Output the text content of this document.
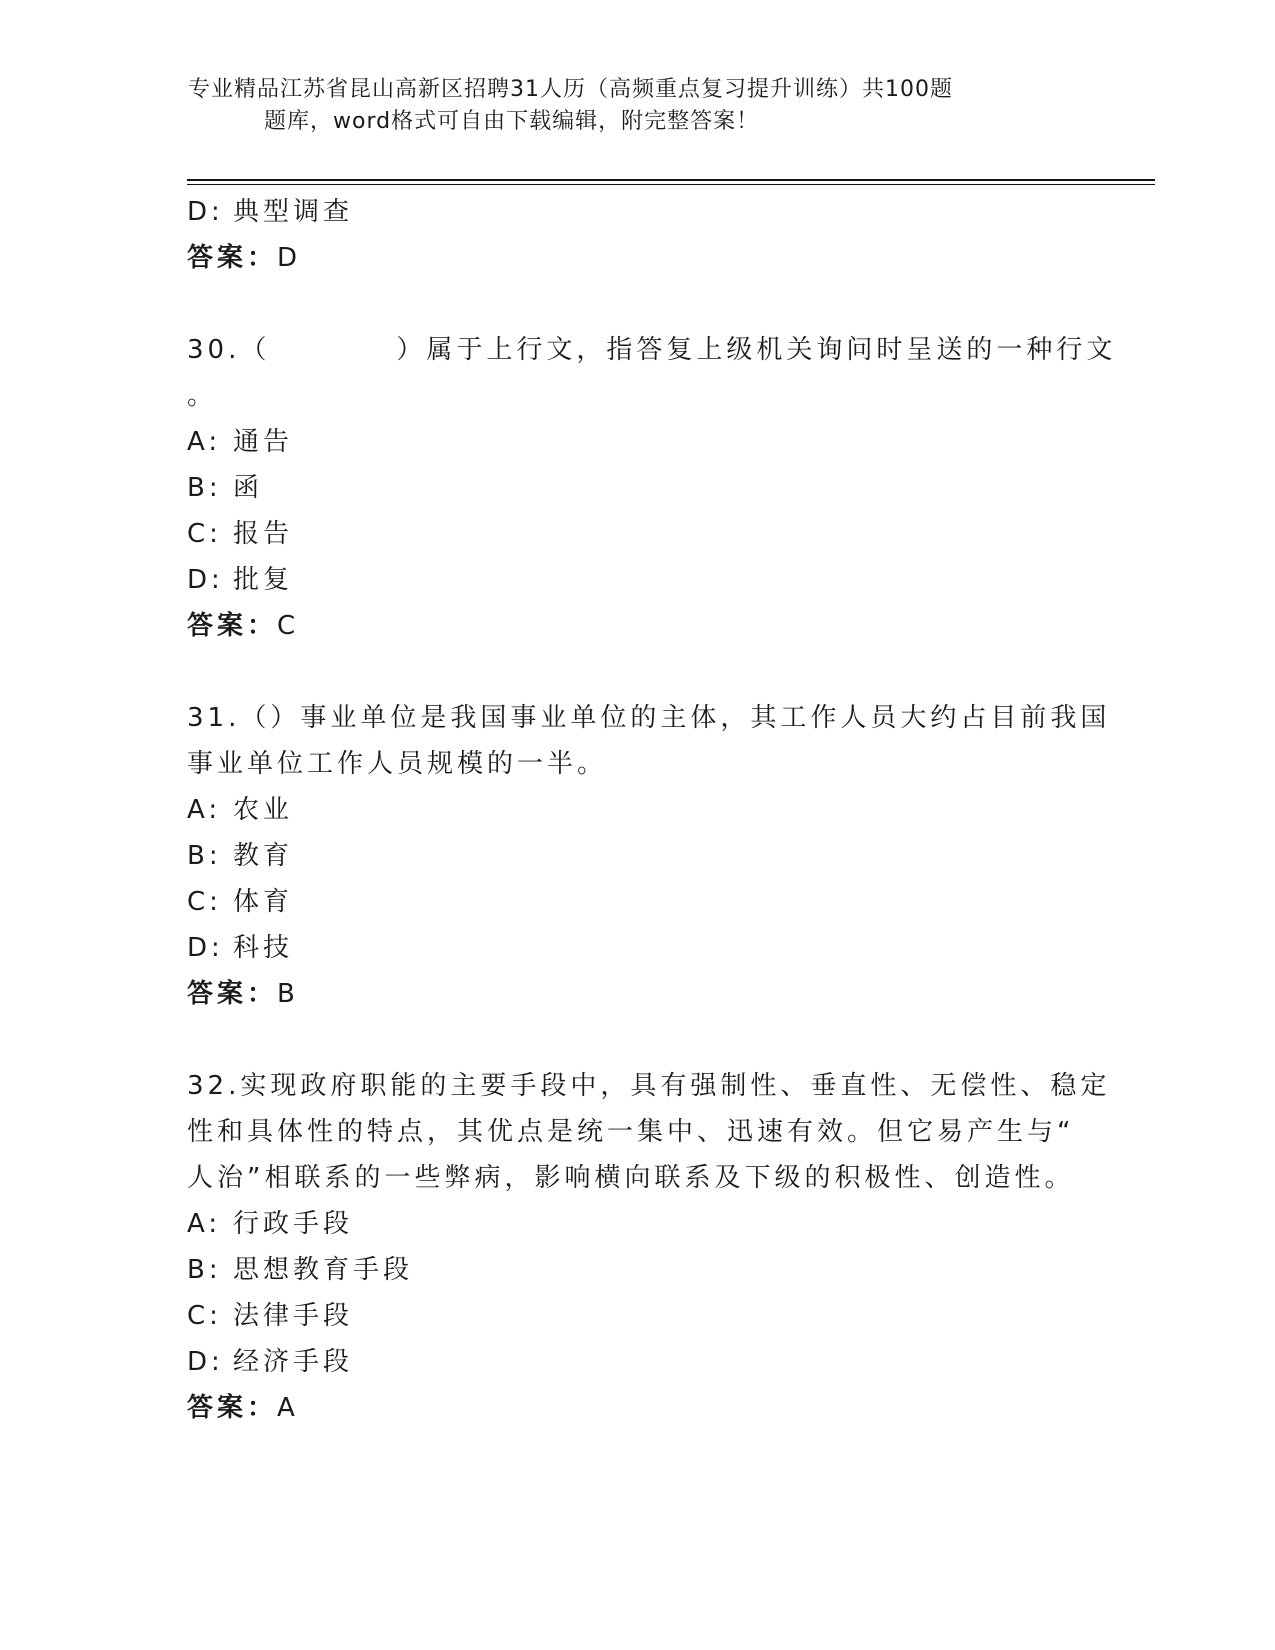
专业精品江苏省昆山高新区招聘31人历（高频重点复习提升训练）共100题
题库，word格式可自由下载编辑，附完整答案！
D: 典型调查
答案：D
30.（	）属于上行文，指答复上级机关询问时呈送的一种行文
。
A: 通告
B: 函
C: 报告
D: 批复
答案：C
31.（）事业单位是我国事业单位的主体，其工作人员大约占目前我国
事业单位工作人员规模的一半。
A: 农业
B: 教育
C: 体育
D: 科技
答案：B
32.实现政府职能的主要手段中，具有强制性、垂直性、无偿性、稳定
性和具体性的特点，其优点是统一集中、迅速有效。但它易产生与“
人治”相联系的一些弊病，影响横向联系及下级的积极性、创造性。
A: 行政手段
B: 思想教育手段
C: 法律手段
D: 经济手段
答案：A
